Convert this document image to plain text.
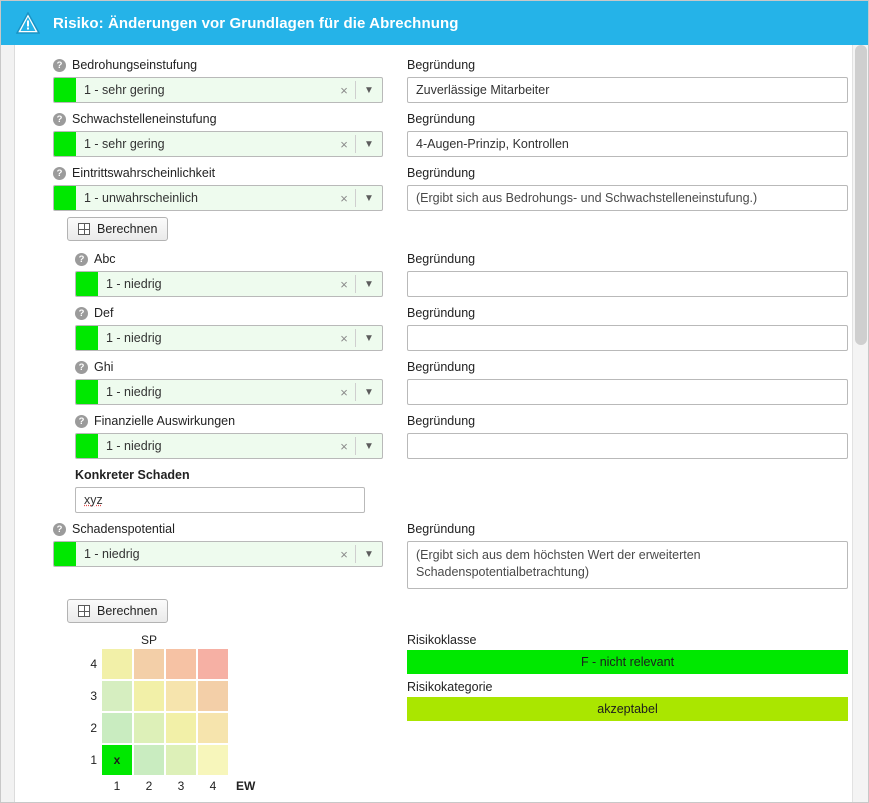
Risiko: Änderungen vor Grundlagen für die Abrechnung
? Bedrohungseinstufung
1 - sehr gering	×	▼
Begründung
Zuverlässige Mitarbeiter
? Schwachstelleneinstufung
1 - sehr gering	×	▼
Begründung
4-Augen-Prinzip, Kontrollen
? Eintrittswahrscheinlichkeit
1 - unwahrscheinlich	×	▼
Begründung
(Ergibt sich aus Bedrohungs- und Schwachstelleneinstufung.)
Berechnen
? Abc
1 - niedrig	×	▼
Begründung
? Def
1 - niedrig	×	▼
Begründung
? Ghi
1 - niedrig	×	▼
Begründung
? Finanzielle Auswirkungen
1 - niedrig	×	▼
Begründung
Konkreter Schaden
xyz
? Schadenspotential
1 - niedrig	×	▼
Begründung
(Ergibt sich aus dem höchsten Wert der erweiterten Schadenspotentialbetrachtung)
Berechnen
SP
4
3
2
1 x
1	2	3	4	EW
Risikoklasse
F - nicht relevant
Risikokategorie
akzeptabel
